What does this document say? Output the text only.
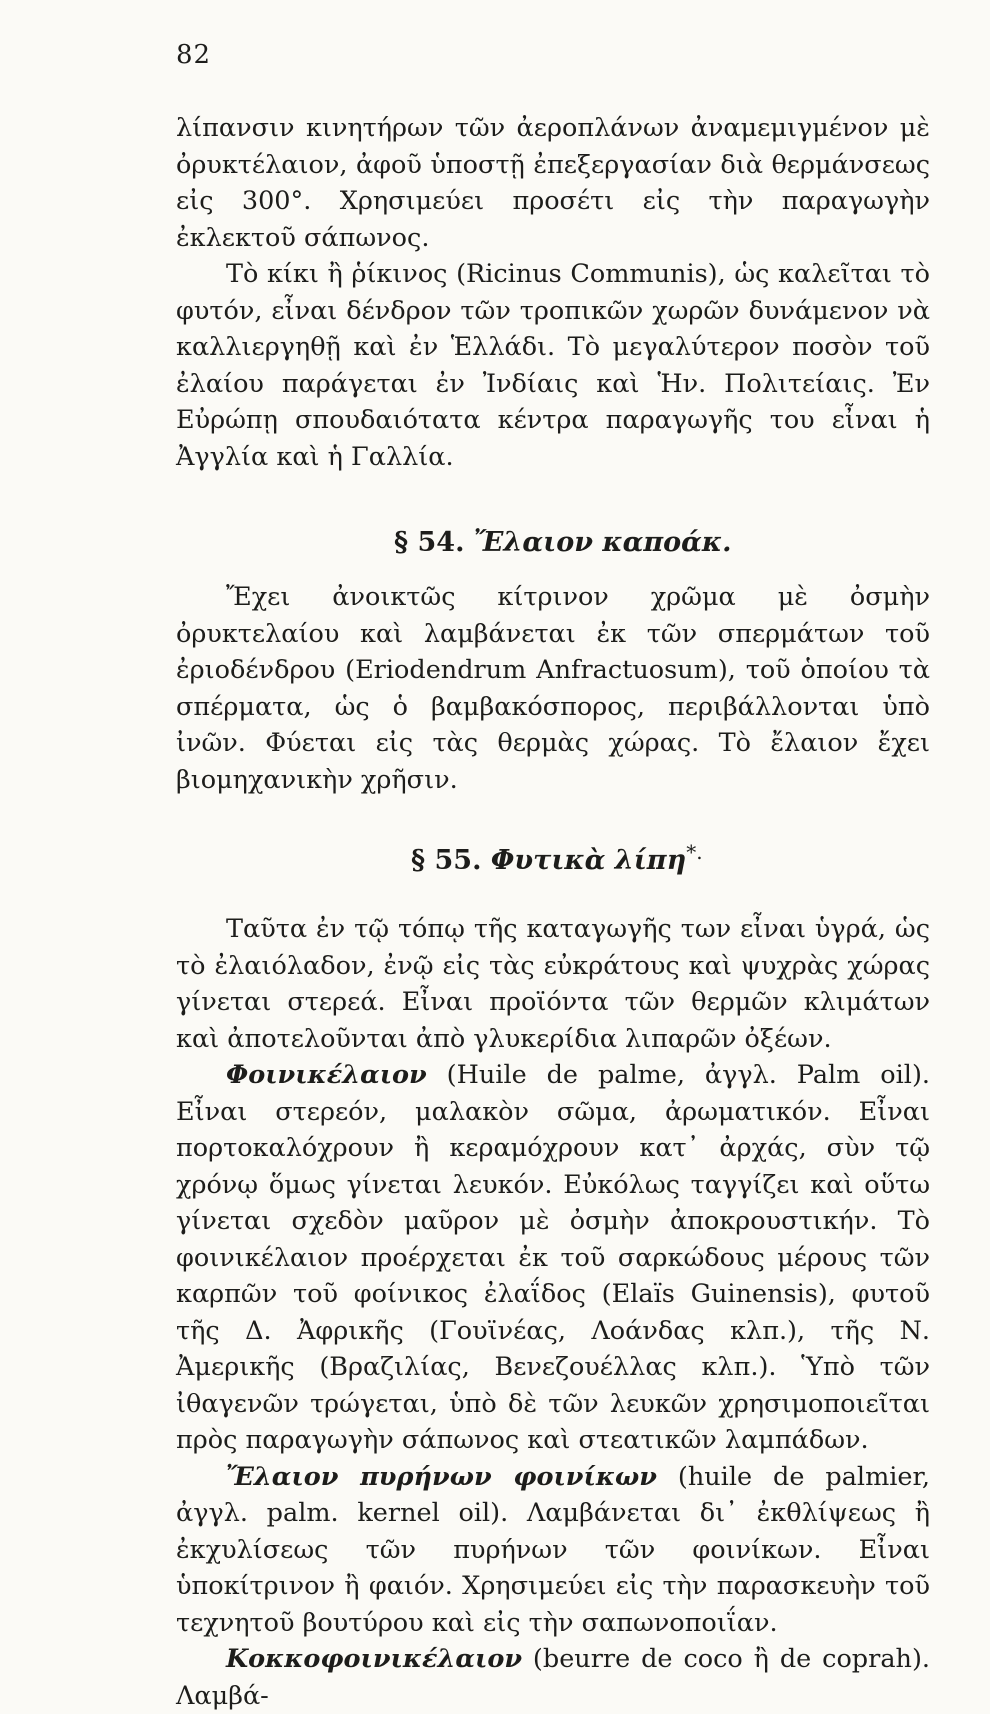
82

λίπανσιν κινητήρων τῶν ἀεροπλάνων ἀναμεμιγμένον μὲ ὀρυκτέλαιον, ἀφοῦ ὑποστῇ ἐπεξεργασίαν διὰ θερμάνσεως εἰς 300°. Χρησιμεύει προσέτι εἰς τὴν παραγωγὴν ἐκλεκτοῦ σάπωνος.

Τὸ κίκι ἢ ῥίκινος (Ricinus Communis), ὡς καλεῖται τὸ φυτόν, εἶναι δένδρον τῶν τροπικῶν χωρῶν δυνάμενον νὰ καλλιεργηθῇ καὶ ἐν Ἑλλάδι. Τὸ μεγαλύτερον ποσὸν τοῦ ἐλαίου παράγεται ἐν Ἰνδίαις καὶ Ἡν. Πολιτείαις. Ἐν Εὐρώπῃ σπουδαιότατα κέντρα παραγωγῆς του εἶναι ἡ Ἀγγλία καὶ ἡ Γαλλία.

§ 54. Ἔλαιον καποάκ.

Ἔχει ἀνοικτῶς κίτρινον χρῶμα μὲ ὀσμὴν ὀρυκτελαίου καὶ λαμβάνεται ἐκ τῶν σπερμάτων τοῦ ἐριοδένδρου (Eriodendrum Anfractuosum), τοῦ ὁποίου τὰ σπέρματα, ὡς ὁ βαμβακόσπορος, περιβάλλονται ὑπὸ ἰνῶν. Φύεται εἰς τὰς θερμὰς χώρας. Τὸ ἔλαιον ἔχει βιομηχανικὴν χρῆσιν.

§ 55. Φυτικὰ λίπη*.

Ταῦτα ἐν τῷ τόπῳ τῆς καταγωγῆς των εἶναι ὑγρά, ὡς τὸ ἐλαιόλαδον, ἐνῷ εἰς τὰς εὐκράτους καὶ ψυχρὰς χώρας γίνεται στερεά. Εἶναι προϊόντα τῶν θερμῶν κλιμάτων καὶ ἀποτελοῦνται ἀπὸ γλυκερίδια λιπαρῶν ὀξέων.

Φοινικέλαιον (Huile de palme, ἀγγλ. Palm oil). Εἶναι στερεόν, μαλακὸν σῶμα, ἀρωματικόν. Εἶναι πορτοκαλόχρουν ἢ κεραμόχρουν κατ᾽ ἀρχάς, σὺν τῷ χρόνῳ ὅμως γίνεται λευκόν. Εὐκόλως ταγγίζει καὶ οὕτω γίνεται σχεδὸν μαῦρον μὲ ὀσμὴν ἀποκρουστικήν. Τὸ φοινικέλαιον προέρχεται ἐκ τοῦ σαρκώδους μέρους τῶν καρπῶν τοῦ φοίνικος ἐλαΐδος (Elaïs Guinensis), φυτοῦ τῆς Δ. Ἀφρικῆς (Γουϊνέας, Λοάνδας κλπ.), τῆς Ν. Ἀμερικῆς (Βραζιλίας, Βενεζουέλλας κλπ.). Ὑπὸ τῶν ἰθαγενῶν τρώγεται, ὑπὸ δὲ τῶν λευκῶν χρησιμοποιεῖται πρὸς παραγωγὴν σάπωνος καὶ στεατικῶν λαμπάδων.

Ἔλαιον πυρήνων φοινίκων (huile de palmier, ἀγγλ. palm. kernel oil). Λαμβάνεται δι᾽ ἐκθλίψεως ἢ ἐκχυλίσεως τῶν πυρήνων τῶν φοινίκων. Εἶναι ὑποκίτρινον ἢ φαιόν. Χρησιμεύει εἰς τὴν παρασκευὴν τοῦ τεχνητοῦ βουτύρου καὶ εἰς τὴν σαπωνοποιΐαν.

Κοκκοφοινικέλαιον (beurre de coco ἢ de coprah). Λαμβά-
